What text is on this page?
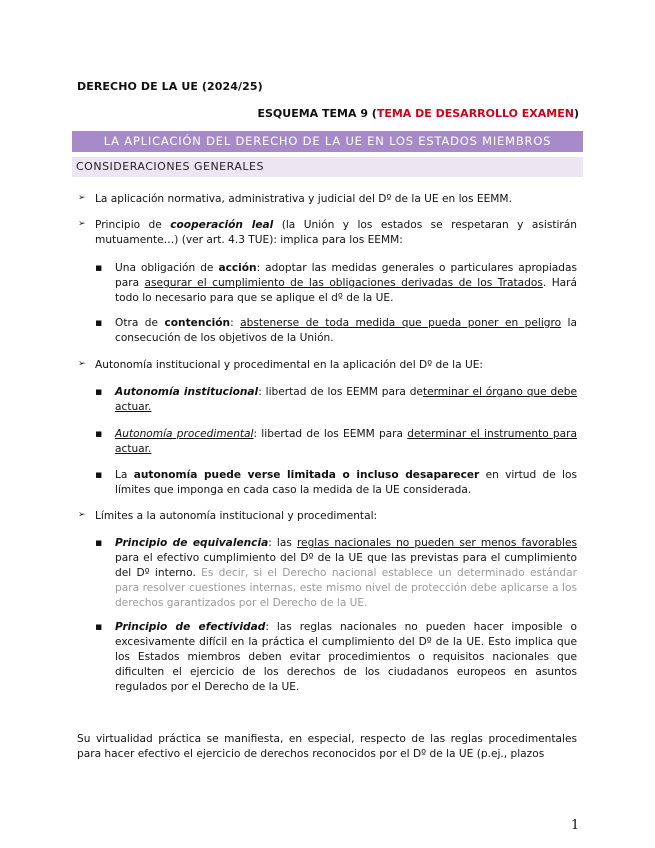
DERECHO DE LA UE (2024/25)
ESQUEMA TEMA 9 (TEMA DE DESARROLLO EXAMEN)
LA APLICACIÓN DEL DERECHO DE LA UE EN LOS ESTADOS MIEMBROS
CONSIDERACIONES GENERALES
➢ La aplicación normativa, administrativa y judicial del Dº de la UE en los EEMM.
➢ Principio de cooperación leal (la Unión y los estados se respetaran y asistirán mutuamente…) (ver art. 4.3 TUE): implica para los EEMM:
▪ Una obligación de acción: adoptar las medidas generales o particulares apropiadas para asegurar el cumplimiento de las obligaciones derivadas de los Tratados. Hará todo lo necesario para que se aplique el dº de la UE.
▪ Otra de contención: abstenerse de toda medida que pueda poner en peligro la consecución de los objetivos de la Unión.
➢ Autonomía institucional y procedimental en la aplicación del Dº de la UE:
▪ Autonomía institucional: libertad de los EEMM para determinar el órgano que debe actuar.
▪ Autonomía procedimental: libertad de los EEMM para determinar el instrumento para actuar.
▪ La autonomía puede verse limitada o incluso desaparecer en virtud de los límites que imponga en cada caso la medida de la UE considerada.
➢ Límites a la autonomía institucional y procedimental:
▪ Principio de equivalencia: las reglas nacionales no pueden ser menos favorables para el efectivo cumplimiento del Dº de la UE que las previstas para el cumplimiento del Dº interno. Es decir, si el Derecho nacional establece un determinado estándar para resolver cuestiones internas, este mismo nivel de protección debe aplicarse a los derechos garantizados por el Derecho de la UE.
▪ Principio de efectividad: las reglas nacionales no pueden hacer imposible o excesivamente difícil en la práctica el cumplimiento del Dº de la UE. Esto implica que los Estados miembros deben evitar procedimientos o requisitos nacionales que dificulten el ejercicio de los derechos de los ciudadanos europeos en asuntos regulados por el Derecho de la UE.
Su virtualidad práctica se manifiesta, en especial, respecto de las reglas procedimentales para hacer efectivo el ejercicio de derechos reconocidos por el Dº de la UE (p.ej., plazos
1
